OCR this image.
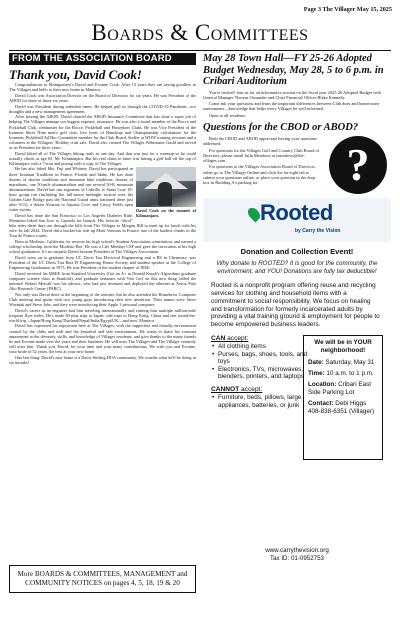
Page 3 The Villager May 15, 2025
Boards & Committees
FROM THE ASSOCIATION BOARD
Thank you, David Cook!

Congratulations to Montgomery's David and Evonne Cook. After 13 years they are saying goodbye to The Villages and hello to their new home in Manteca.

David Cook was Association Director on the Board of Directors for six years. He was President of the ABOD for three of those six years.

David was President during turbulent times. He helped pull us through the COVID-19 Pandemic, two droughts and a new management agreement.

After leaving the ABOD, David chaired the ABOD Insurance Committee that has done a super job of helping The Villages manage our biggest expense, insurance. He was also a board member of the Bocce and Pickleball Club, webmaster for the Bocce, Pickleball and Pinseekers Clubs. He was Vice President of the Ironmen Short Nine men's golf club, five years of Handicap and Championship calculations for the Ironmen, Pickleball Ad Hoc Committee member for the Club Board, Staffer at WOW training sessions and a volunteer at the Villagers’ Holiday craft sale. David also created The Villages Webmaster Guild and served as its President for three years.

David hiked all of The Villages hiking trails in one day. And that was just for a warmup so he could actually climb, at age 65, Mt. Kilimanjaro. But his real claim to fame was hitting a golf ball off the top of Kilimanjaro with a 7-iron and posing with a copy of The Villager.

David Cook on the summit of Kilimanjaro.

He has also hiked Mts. Fuji and Whitney. David has participated in three Ironman Triathlons in France, Florida and Idaho. He has done dozens of shorter triathlons and mountain bike triathlons, dozens of marathons, one 50-mile ultramarathon and run several 50-K mountain ultramarathons. David has run segments of Cabrillo to Santa Cruz 18-hour group run (including the full-moon midnight section over the Golden Gate Bridge past the National Guard units stationed there just after 9/11), a dozen Alcatraz to Aquatic Cove and Crissy Fields open water swims.

David has done the San Francisco to Los Angeles Diabetes Ride. Mountain biked San Jose to Capitola for brunch. His favorite “short” bike rides these days are through the hills from The Villages to Morgan Hill to meet up for lunch with his wife. In fall 2024, David did a bucket-list ride up Mont Ventoux in France, one of the hardest climbs in the Tour de France routes.

Born in Modesto, California, he rewrote his high school's Student Association constitution, and earned a college scholarship from the Modesto Bee. He was a Life Member CSF and gave the invocation at his high school graduation. It's no surprise David became President of The Villages Association.

David went on to graduate from UC Davis Tau Electrical Engineering and a BS in Chemistry, was President of the UC Davis Tau Beta Pi Engineering Honor Society and student speaker at the College of Engineering Graduation in 1973. He was President of the student chapter of IEEE.

David received his MSEE from Stanford University (Got an A+ in Donald Knuth's Algorithms graduate computer science class at Stanford), and graduate seminars with Vint Cerf on this new thing called the internet! Robert Metcalf was his advisor, who had just invented and deployed the ethernet at Xerox Palo Alto Research Center (PARC).

Not only was David there at the beginning of the internet, but he also attended the Homebrew Computer Club meeting and spoke with two young guys introducing their new invention. Their names were Steve Wozniak and Steve Jobs, and they were introducing their Apple 1 personal computer.

David's career as an engineer had him traveling internationally and earning him multiple million-mile frequent flyer miles. He's made 60-plus trips to Japan; side trips to Hong Kong, China and one round-the-world trip—Japan/Hong Kong/Thailand/Nepal/India/Egypt/UK—and now, Manteca.

David has expressed his enjoyment here at The Villages, with the supportive and friendly environment created by the clubs and staff and the beautiful and safe environment. He wants to share his constant amazement at the diversity, skills, and knowledge of Villages residents, and give thanks to the many friends he and Evonne made over the years and their kindness. He will miss The Villages and The Villager certainly will miss him. Thank you, David, for your time and your many contributions. We wish you and Evonne, your bride of 52 years, the best at your new home.

One last thing: David's new home is a Davis-Stirling HOA community. We wonder what he'll be doing in six months!

More BOARDS & COMMITTEES, MANAGEMENT and COMMUNITY NOTICES on pages 4, 5, 18, 19 & 20
May 28 Town Hall—FY 25-26 Adopted Budget Wednesday, May 28, 5 to 6 p.m. in Cribari Auditorium

You're invited! Join us for an informative session on the fiscal year 2025-26 Adopted Budget with General Manager Theresa Ostrander and Chief Financial Officer Blake Kennedy.

Come ask your questions and learn the important differences between Club dues and homeowner assessments—knowledge that helps every Villager be well informed.

Open to all residents.

Questions for the CBOD or ABOD?

Both the CBOD and ABOD appreciate having your questions addressed.

For questions for the Villages Golf and Country Club Board of Directors, please email Julia Meadows at jmeadows@the-villages.com.

For questions to the Villages Association Board of Directors, either go to The Villager Online and click the far-right tab to submit your questions online, or place your question in the drop box in Building A's parking lot.	?
Rooted
by Carry the Vision
Donation and Collection Event!
Why donate to ROOTED? It is good for the community, the environment, and YOU! Donations are fully tax deductible!
Rooted is a nonprofit program offering reuse and recycling services for clothing and household items with a commitment to social responsibility. We focus on healing and transformation for formerly incarcerated adults by providing a vital training ground & employment for people to become empowered business leaders.
CAN accept:
• All clothing items
• Purses, bags, shoes, tools, and toys
• Electronics, TVs, microwaves, blenders, printers, and laptops
CANNOT accept:
• Furniture, beds, pillows, large appliances, batteries, or junk
We will be in YOUR neighborhood!
Date: Saturday, May 31
Time: 10 a.m. to 1 p.m.
Location: Cribari East Side Parking Lot
Contact: Debi Higgs 408-838-6351 (Villager)
www.carrythevision.org
Tax ID: 01-0952753
